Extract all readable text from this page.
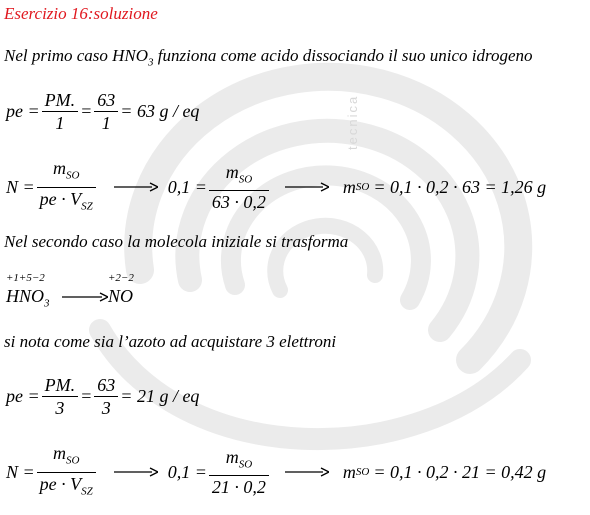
tecnica
Esercizio 16:soluzione
Nel primo caso $HNO_3$ funziona come acido dissociando il suo unico idrogeno
pe = $\frac{PM.}{1} = \frac{63}{1} = 63$ g / eq
$N = \frac{m_{SO}}{pe \cdot V_{SZ}}$	$0,1 = \frac{m_{SO}}{63 \cdot 0,2}$	m SO = 0,1 · 0,2 · 63 = 1,26 g
Nel secondo caso la molecola iniziale si trasforma
+1+5−2	+2−2
$HNO_3$	NO
si nota come sia l’azoto ad acquistare 3 elettroni
pe = $\frac{PM.}{3} = \frac{63}{3} = 21$ g / eq
$N = \frac{m_{SO}}{pe \cdot V_{SZ}}$	$0,1 = \frac{m_{SO}}{21 \cdot 0,2}$	m SO = 0,1 · 0,2 · 21 = 0,42 g
